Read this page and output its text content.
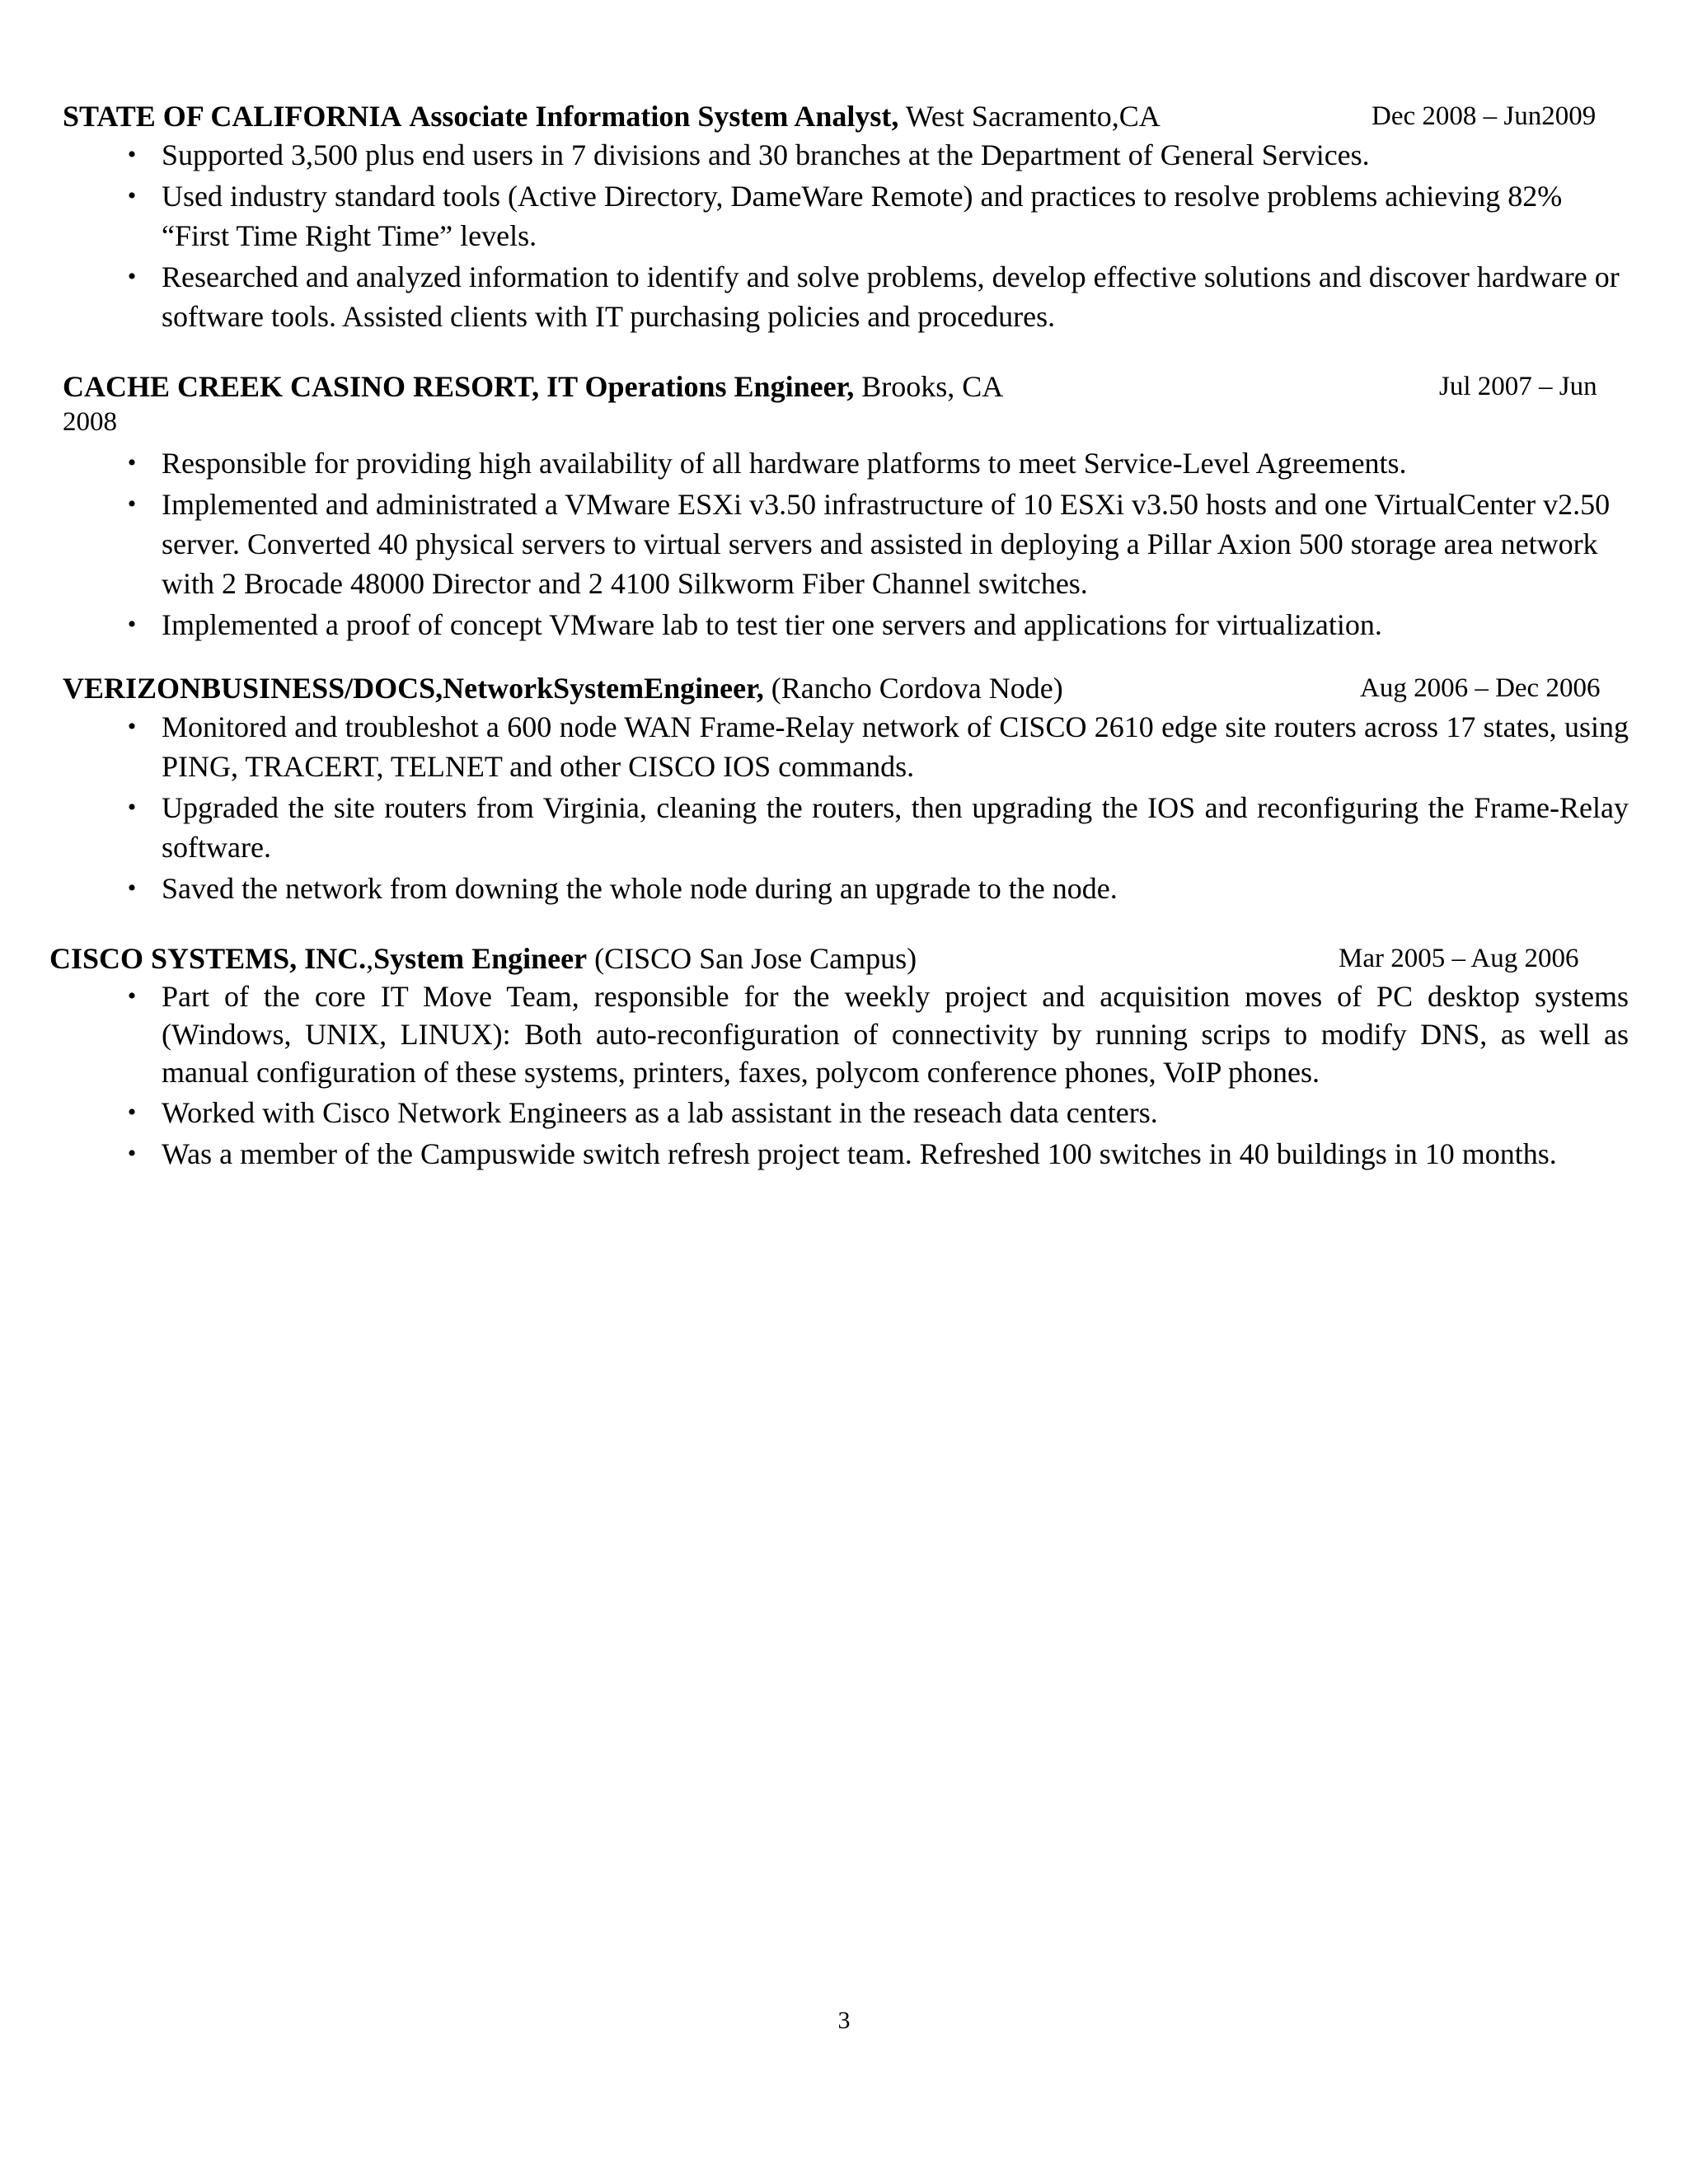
STATE OF CALIFORNIA Associate Information System Analyst, West Sacramento,CA	Dec 2008 – Jun2009
• Supported 3,500 plus end users in 7 divisions and 30 branches at the Department of General Services.
• Used industry standard tools (Active Directory, DameWare Remote) and practices to resolve problems achieving 82% “First Time Right Time” levels.
• Researched and analyzed information to identify and solve problems, develop effective solutions and discover hardware or software tools. Assisted clients with IT purchasing policies and procedures.
CACHE CREEK CASINO RESORT, IT Operations Engineer, Brooks, CA	Jul 2007 – Jun
2008
• Responsible for providing high availability of all hardware platforms to meet Service-Level Agreements.
• Implemented and administrated a VMware ESXi v3.50 infrastructure of 10 ESXi v3.50 hosts and one VirtualCenter v2.50 server. Converted 40 physical servers to virtual servers and assisted in deploying a Pillar Axion 500 storage area network with 2 Brocade 48000 Director and 2 4100 Silkworm Fiber Channel switches.
• Implemented a proof of concept VMware lab to test tier one servers and applications for virtualization.
VERIZONBUSINESS/DOCS,NetworkSystemEngineer, (Rancho Cordova Node)	Aug 2006 – Dec 2006
• Monitored and troubleshot a 600 node WAN Frame-Relay network of CISCO 2610 edge site routers across 17 states, using PING, TRACERT, TELNET and other CISCO IOS commands.
• Upgraded the site routers from Virginia, cleaning the routers, then upgrading the IOS and reconfiguring the Frame-Relay software.
• Saved the network from downing the whole node during an upgrade to the node.
CISCO SYSTEMS, INC.,System Engineer (CISCO San Jose Campus)	Mar 2005 – Aug 2006
• Part of the core IT Move Team, responsible for the weekly project and acquisition moves of PC desktop systems (Windows, UNIX, LINUX): Both auto-reconfiguration of connectivity by running scrips to modify DNS, as well as manual configuration of these systems, printers, faxes, polycom conference phones, VoIP phones.
• Worked with Cisco Network Engineers as a lab assistant in the reseach data centers.
• Was a member of the Campuswide switch refresh project team. Refreshed 100 switches in 40 buildings in 10 months.
3
